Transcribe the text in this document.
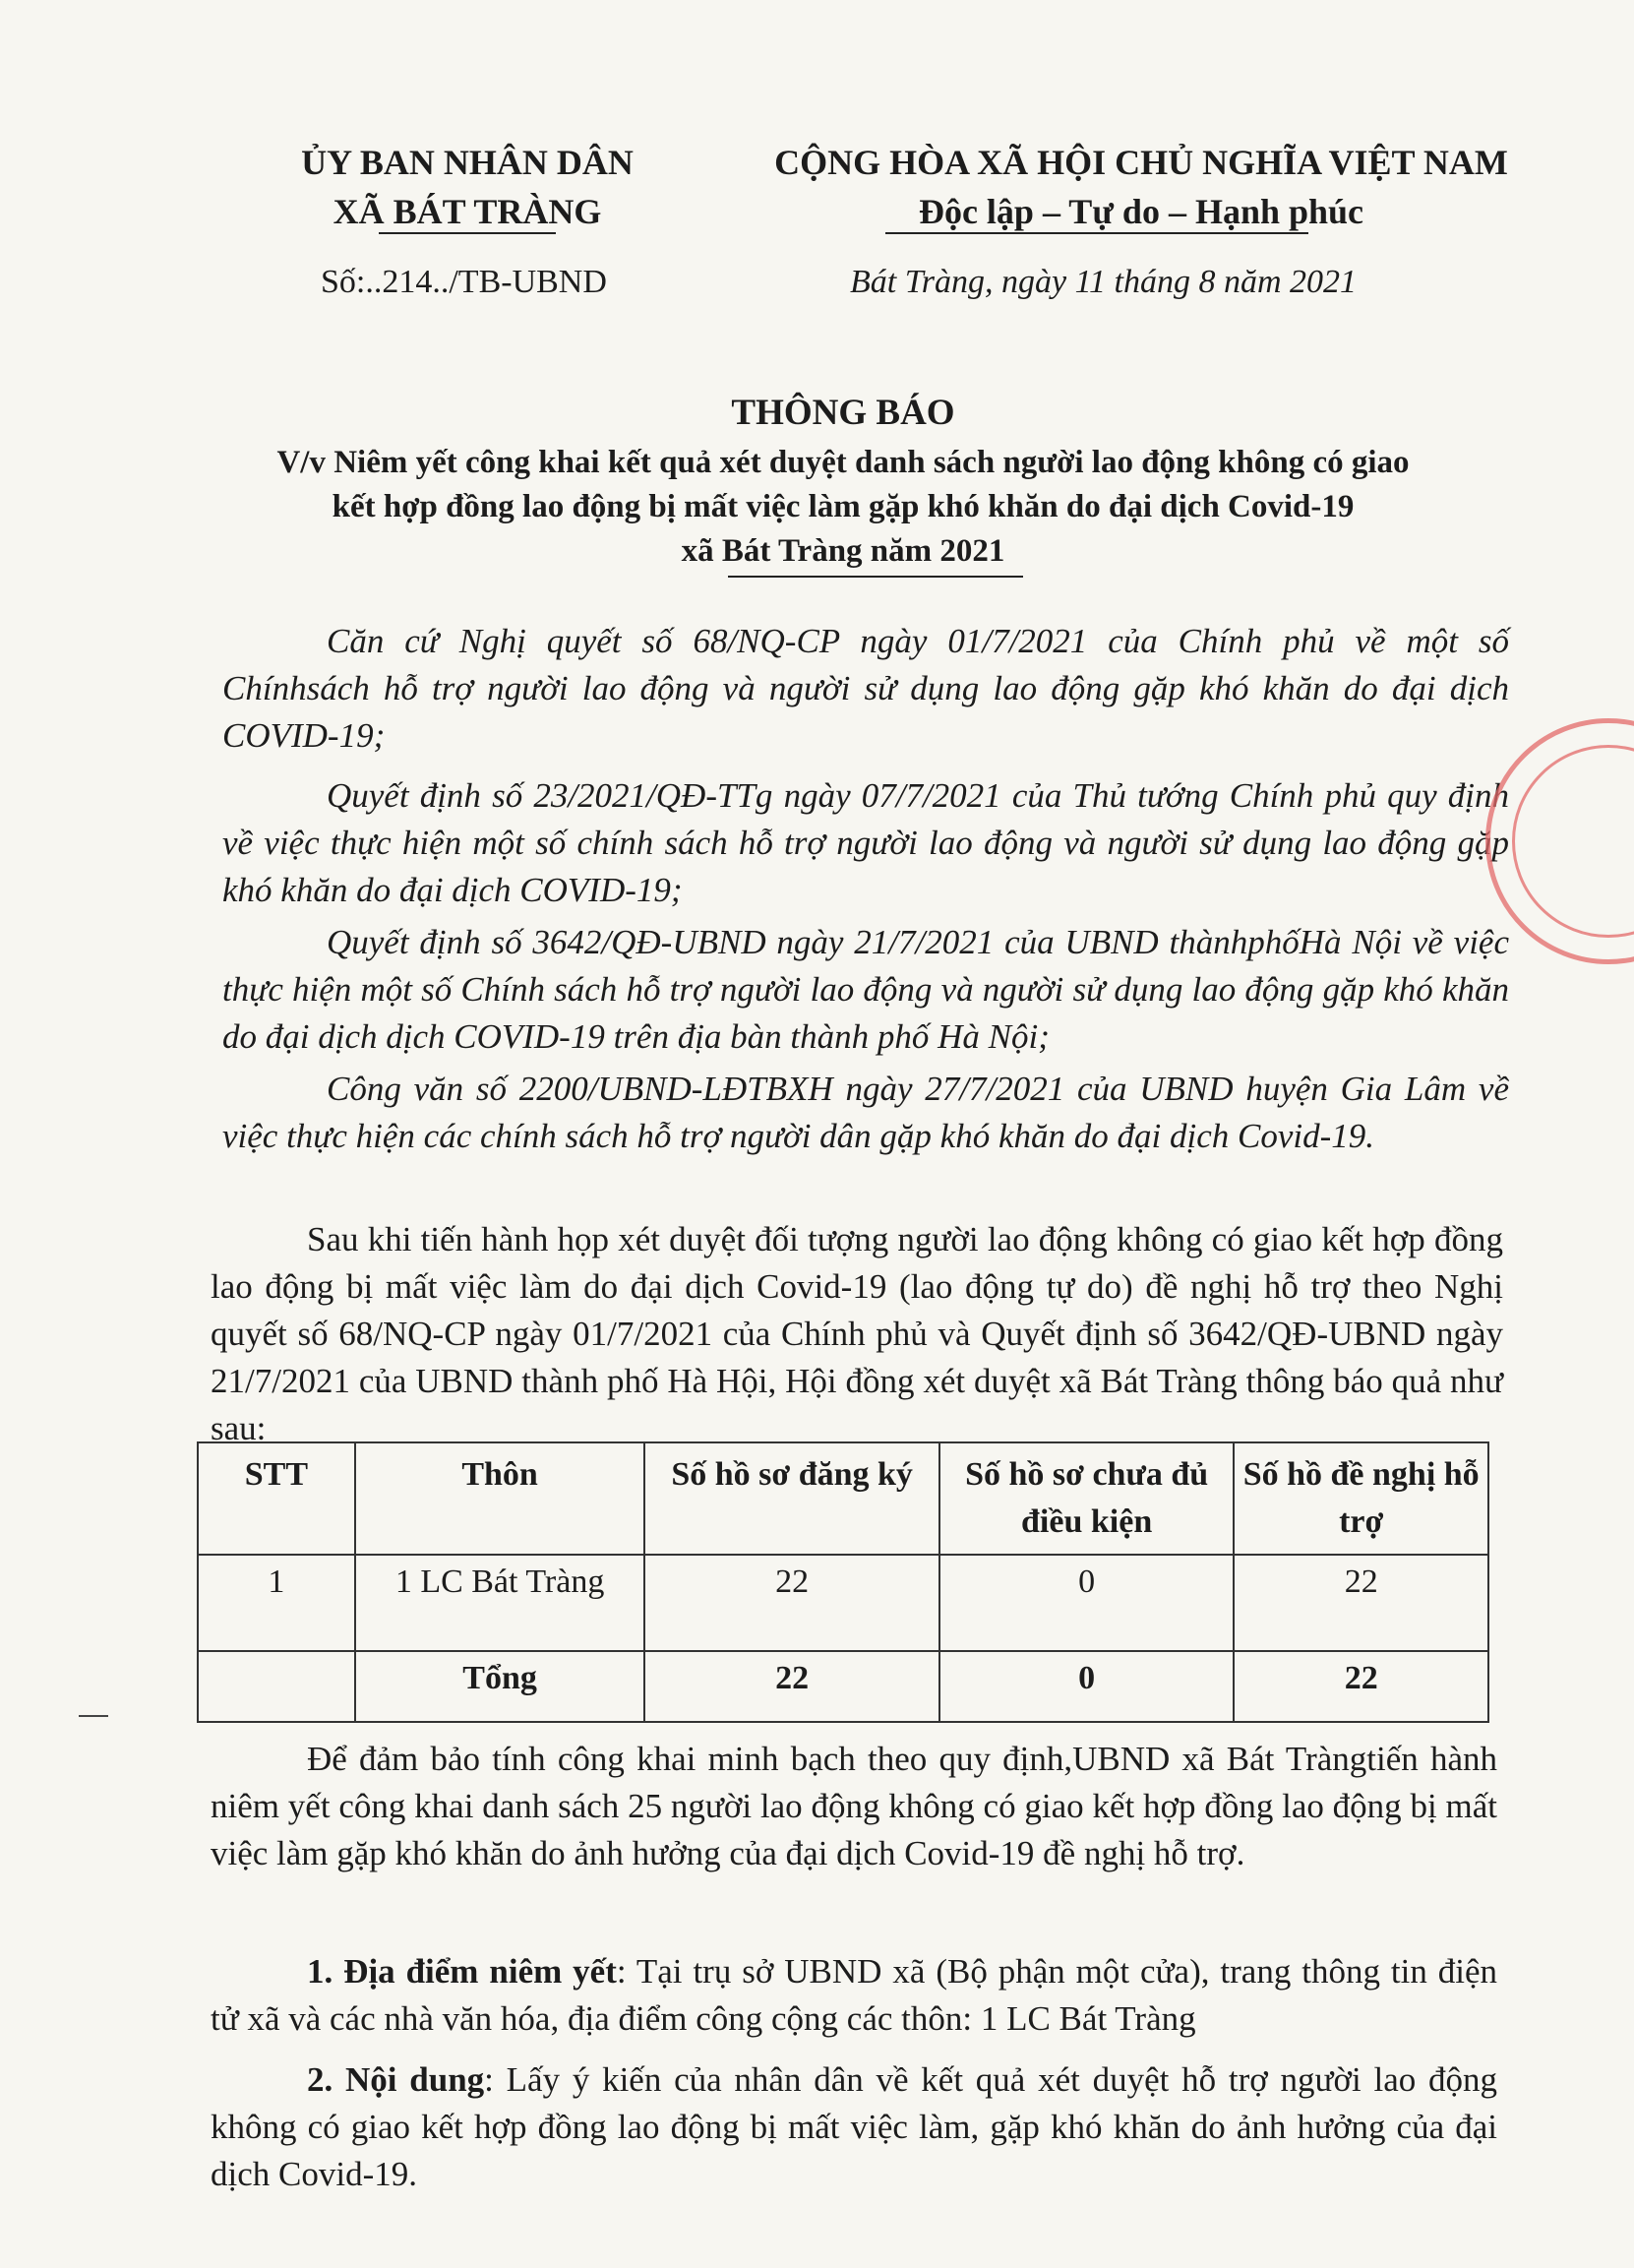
ỦY BAN NHÂN DÂN
XÃ BÁT TRÀNG
CỘNG HÒA XÃ HỘI CHỦ NGHĨA VIỆT NAM
Độc lập – Tự do – Hạnh phúc
Số:..214../TB-UBND	Bát Tràng, ngày 11 tháng 8 năm 2021
THÔNG BÁO
V/v Niêm yết công khai kết quả xét duyệt danh sách người lao động không có giao
kết hợp đồng lao động bị mất việc làm gặp khó khăn do đại dịch Covid-19
xã Bát Tràng năm 2021
Căn cứ Nghị quyết số 68/NQ-CP ngày 01/7/2021 của Chính phủ về một số Chínhsách hỗ trợ người lao động và người sử dụng lao động gặp khó khăn do đại dịch COVID-19;
Quyết định số 23/2021/QĐ-TTg ngày 07/7/2021 của Thủ tướng Chính phủ quy định về việc thực hiện một số chính sách hỗ trợ người lao động và người sử dụng lao động gặp khó khăn do đại dịch COVID-19;
Quyết định số 3642/QĐ-UBND ngày 21/7/2021 của UBND thànhphốHà Nội về việc thực hiện một số Chính sách hỗ trợ người lao động và người sử dụng lao động gặp khó khăn do đại dịch dịch COVID-19 trên địa bàn thành phố Hà Nội;
Công văn số 2200/UBND-LĐTBXH ngày 27/7/2021 của UBND huyện Gia Lâm về việc thực hiện các chính sách hỗ trợ người dân gặp khó khăn do đại dịch Covid-19.
Sau khi tiến hành họp xét duyệt đối tượng người lao động không có giao kết hợp đồng lao động bị mất việc làm do đại dịch Covid-19 (lao động tự do) đề nghị hỗ trợ theo Nghị quyết số 68/NQ-CP ngày 01/7/2021 của Chính phủ và Quyết định số 3642/QĐ-UBND ngày 21/7/2021 của UBND thành phố Hà Hội, Hội đồng xét duyệt xã Bát Tràng thông báo quả như sau:
STT	Thôn	Số hồ sơ đăng ký	Số hồ sơ chưa đủ điều kiện	Số hồ đề nghị hỗ trợ
1	1 LC Bát Tràng	22	0	22
	Tổng	22	0	22
Để đảm bảo tính công khai minh bạch theo quy định,UBND xã Bát Tràngtiến hành niêm yết công khai danh sách 25 người lao động không có giao kết hợp đồng lao động bị mất việc làm gặp khó khăn do ảnh hưởng của đại dịch Covid-19 đề nghị hỗ trợ.
1. Địa điểm niêm yết: Tại trụ sở UBND xã (Bộ phận một cửa), trang thông tin điện tử xã và các nhà văn hóa, địa điểm công cộng các thôn: 1 LC Bát Tràng
2. Nội dung: Lấy ý kiến của nhân dân về kết quả xét duyệt hỗ trợ người lao động không có giao kết hợp đồng lao động bị mất việc làm, gặp khó khăn do ảnh hưởng của đại dịch Covid-19.
